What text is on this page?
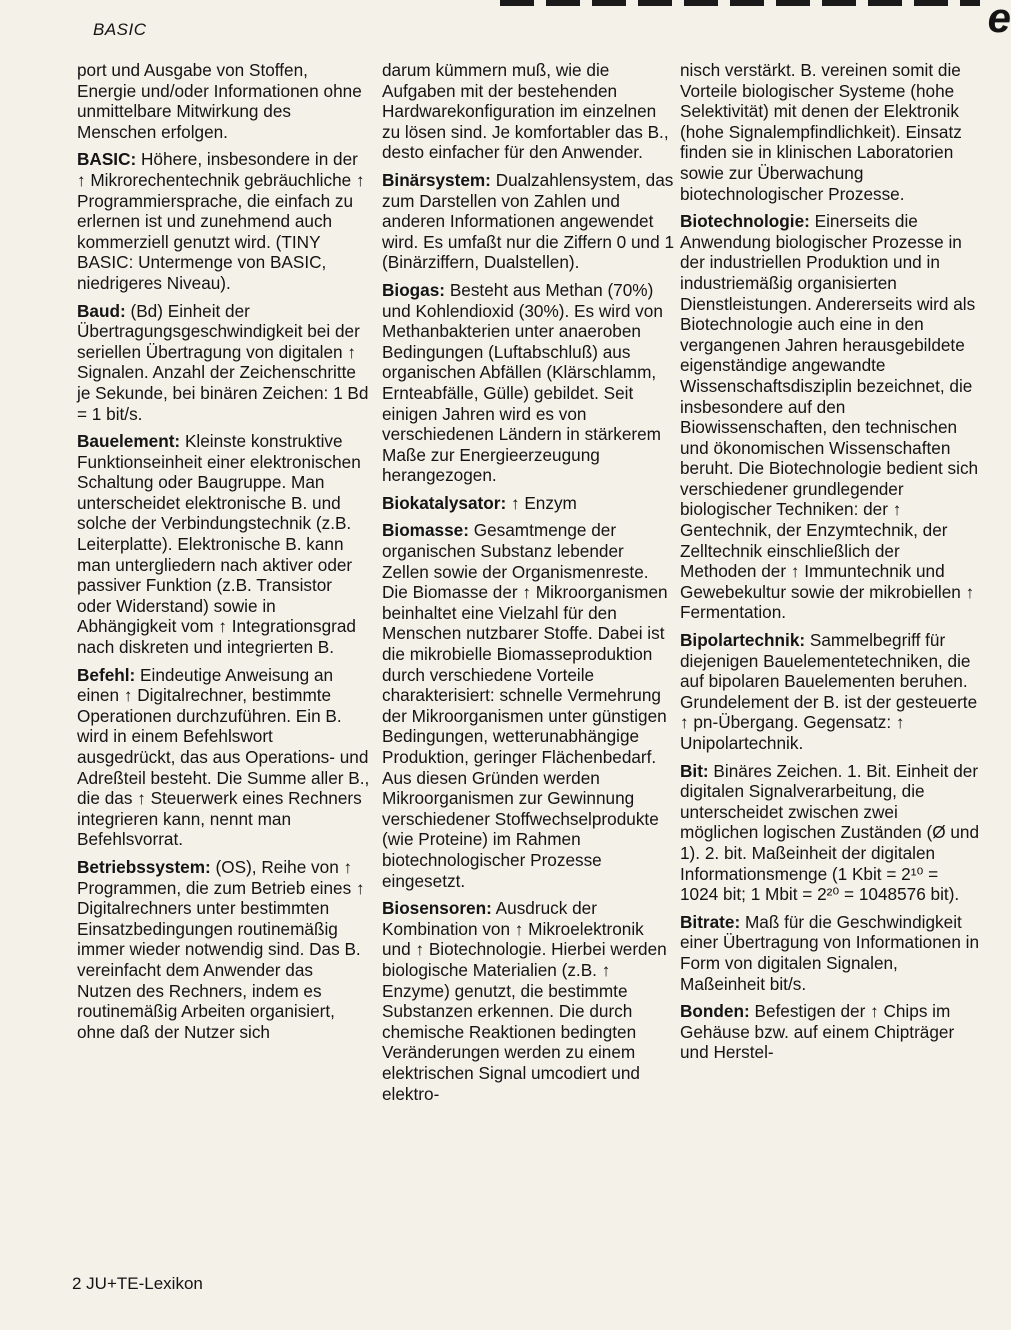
e
BASIC

port und Ausgabe von Stoffen, Energie und/oder Informationen ohne unmittelbare Mitwirkung des Menschen erfolgen.

BASIC: Höhere, insbesondere in der ↑ Mikrorechentechnik gebräuchliche ↑ Programmiersprache, die einfach zu erlernen ist und zunehmend auch kommerziell genutzt wird. (TINY BASIC: Untermenge von BASIC, niedrigeres Niveau).

Baud: (Bd) Einheit der Übertragungsgeschwindigkeit bei der seriellen Übertragung von digitalen ↑ Signalen. Anzahl der Zeichenschritte je Sekunde, bei binären Zeichen: 1 Bd = 1 bit/s.

Bauelement: Kleinste konstruktive Funktionseinheit einer elektronischen Schaltung oder Baugruppe. Man unterscheidet elektronische B. und solche der Verbindungstechnik (z.B. Leiterplatte). Elektronische B. kann man untergliedern nach aktiver oder passiver Funktion (z.B. Transistor oder Widerstand) sowie in Abhängigkeit vom ↑ Integrationsgrad nach diskreten und integrierten B.

Befehl: Eindeutige Anweisung an einen ↑ Digitalrechner, bestimmte Operationen durchzuführen. Ein B. wird in einem Befehlswort ausgedrückt, das aus Operations- und Adreßteil besteht. Die Summe aller B., die das ↑ Steuerwerk eines Rechners integrieren kann, nennt man Befehlsvorrat.

Betriebssystem: (OS), Reihe von ↑ Programmen, die zum Betrieb eines ↑ Digitalrechners unter bestimmten Einsatzbedingungen routinemäßig immer wieder notwendig sind. Das B. vereinfacht dem Anwender das Nutzen des Rechners, indem es routinemäßig Arbeiten organisiert, ohne daß der Nutzer sich

darum kümmern muß, wie die Aufgaben mit der bestehenden Hardwarekonfiguration im einzelnen zu lösen sind. Je komfortabler das B., desto einfacher für den Anwender.

Binärsystem: Dualzahlensystem, das zum Darstellen von Zahlen und anderen Informationen angewendet wird. Es umfaßt nur die Ziffern 0 und 1 (Binärziffern, Dualstellen).

Biogas: Besteht aus Methan (70%) und Kohlendioxid (30%). Es wird von Methanbakterien unter anaeroben Bedingungen (Luftabschluß) aus organischen Abfällen (Klärschlamm, Ernteabfälle, Gülle) gebildet. Seit einigen Jahren wird es von verschiedenen Ländern in stärkerem Maße zur Energieerzeugung herangezogen.

Biokatalysator: ↑ Enzym

Biomasse: Gesamtmenge der organischen Substanz lebender Zellen sowie der Organismenreste. Die Biomasse der ↑ Mikroorganismen beinhaltet eine Vielzahl für den Menschen nutzbarer Stoffe. Dabei ist die mikrobielle Biomasseproduktion durch verschiedene Vorteile charakterisiert: schnelle Vermehrung der Mikroorganismen unter günstigen Bedingungen, wetterunabhängige Produktion, geringer Flächenbedarf. Aus diesen Gründen werden Mikroorganismen zur Gewinnung verschiedener Stoffwechselprodukte (wie Proteine) im Rahmen biotechnologischer Prozesse eingesetzt.

Biosensoren: Ausdruck der Kombination von ↑ Mikroelektronik und ↑ Biotechnologie. Hierbei werden biologische Materialien (z.B. ↑ Enzyme) genutzt, die bestimmte Substanzen erkennen. Die durch chemische Reaktionen bedingten Veränderungen werden zu einem elektrischen Signal umcodiert und elektro-

nisch verstärkt. B. vereinen somit die Vorteile biologischer Systeme (hohe Selektivität) mit denen der Elektronik (hohe Signalempfindlichkeit). Einsatz finden sie in klinischen Laboratorien sowie zur Überwachung biotechnologischer Prozesse.

Biotechnologie: Einerseits die Anwendung biologischer Prozesse in der industriellen Produktion und in industriemäßig organisierten Dienstleistungen. Andererseits wird als Biotechnologie auch eine in den vergangenen Jahren herausgebildete eigenständige angewandte Wissenschaftsdisziplin bezeichnet, die insbesondere auf den Biowissenschaften, den technischen und ökonomischen Wissenschaften beruht. Die Biotechnologie bedient sich verschiedener grundlegender biologischer Techniken: der ↑ Gentechnik, der Enzymtechnik, der Zelltechnik einschließlich der Methoden der ↑ Immuntechnik und Gewebekultur sowie der mikrobiellen ↑ Fermentation.

Bipolartechnik: Sammelbegriff für diejenigen Bauelementetechniken, die auf bipolaren Bauelementen beruhen. Grundelement der B. ist der gesteuerte ↑ pn-Übergang. Gegensatz: ↑ Unipolartechnik.

Bit: Binäres Zeichen. 1. Bit. Einheit der digitalen Signalverarbeitung, die unterscheidet zwischen zwei möglichen logischen Zuständen (Ø und 1). 2. bit. Maßeinheit der digitalen Informationsmenge (1 Kbit = 2¹⁰ = 1024 bit; 1 Mbit = 2²⁰ = 1048576 bit).

Bitrate: Maß für die Geschwindigkeit einer Übertragung von Informationen in Form von digitalen Signalen, Maßeinheit bit/s.

Bonden: Befestigen der ↑ Chips im Gehäuse bzw. auf einem Chipträger und Herstel-

2 JU+TE-Lexikon
